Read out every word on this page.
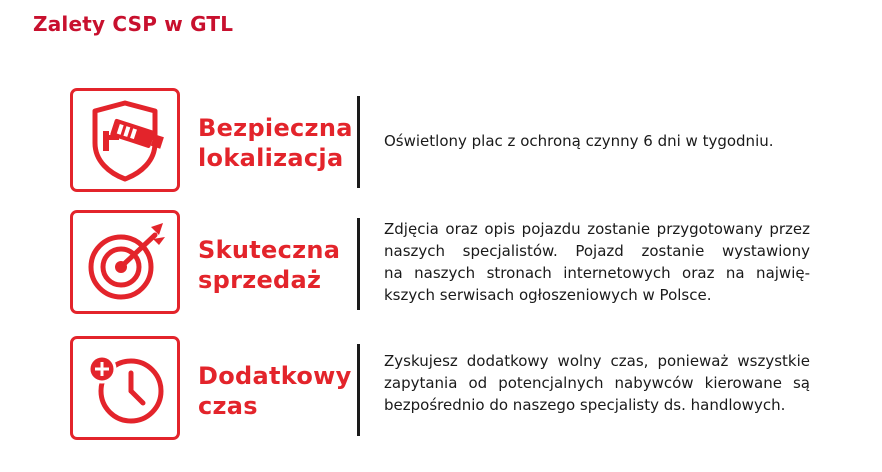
Zalety CSP w GTL
Bezpieczna
lokalizacja
Oświetlony plac z ochroną czynny 6 dni w tygodniu.
Skuteczna
sprzedaż
Zdjęcia oraz opis pojazdu zostanie przygotowany przez
naszych specjalistów. Pojazd zostanie wystawiony
na naszych stronach internetowych oraz na najwię-
kszych serwisach ogłoszeniowych w Polsce.
Dodatkowy
czas
Zyskujesz dodatkowy wolny czas, ponieważ wszystkie
zapytania od potencjalnych nabywców kierowane są
bezpośrednio do naszego specjalisty ds. handlowych.
